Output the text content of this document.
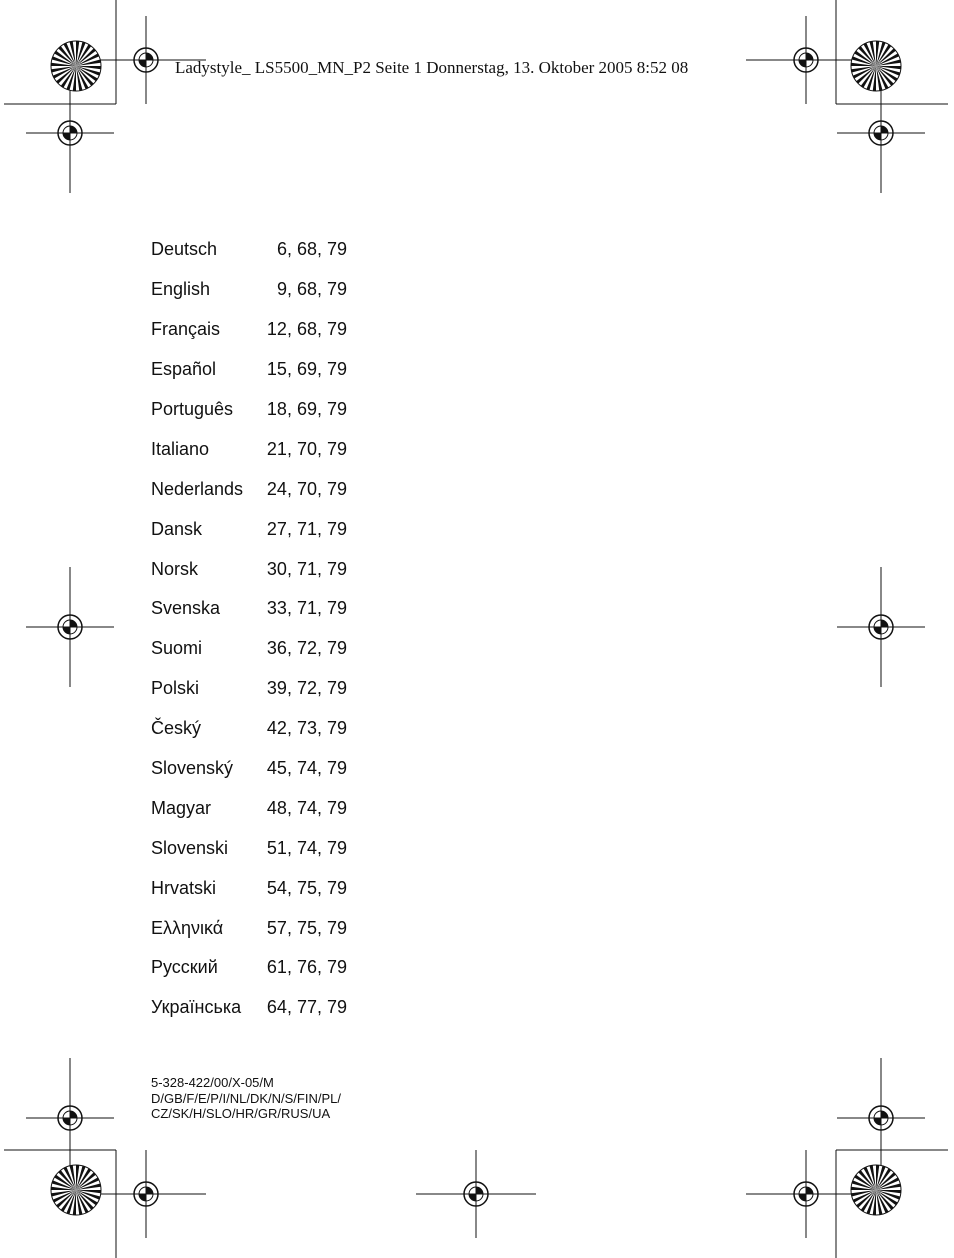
Ladystyle_ LS5500_MN_P2 Seite 1 Donnerstag, 13. Oktober 2005 8:52 08
Deutsch	6, 68, 79
English	9, 68, 79
Français	12, 68, 79
Español	15, 69, 79
Português	18, 69, 79
Italiano	21, 70, 79
Nederlands	24, 70, 79
Dansk	27, 71, 79
Norsk	30, 71, 79
Svenska	33, 71, 79
Suomi	36, 72, 79
Polski	39, 72, 79
Český	42, 73, 79
Slovenský	45, 74, 79
Magyar	48, 74, 79
Slovenski	51, 74, 79
Hrvatski	54, 75, 79
Ελληνικά	57, 75, 79
Русский	61, 76, 79
Українська	64, 77, 79
5-328-422/00/X-05/M
D/GB/F/E/P/I/NL/DK/N/S/FIN/PL/
CZ/SK/H/SLO/HR/GR/RUS/UA
